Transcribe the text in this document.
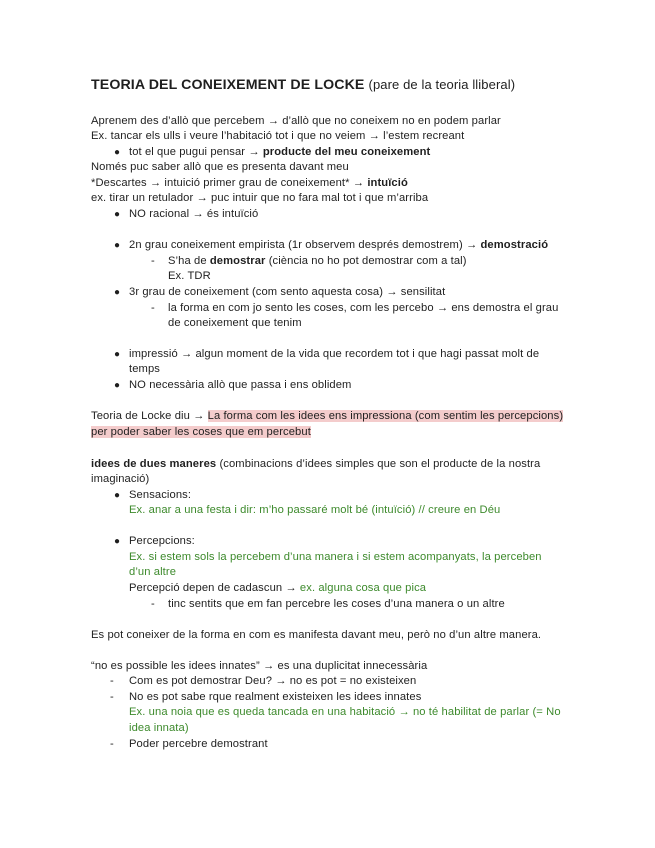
TEORIA DEL CONEIXEMENT DE LOCKE (pare de la teoria lliberal)
Aprenem des d’allò que percebem → d’allò que no coneixem no en podem parlar
Ex. tancar els ulls i veure l’habitació tot i que no veiem → l’estem recreant
● tot el que pugui pensar → producte del meu coneixement
Només puc saber allò que es presenta davant meu
*Descartes → intuició primer grau de coneixement* → intuïció
ex. tirar un retulador → puc intuir que no fara mal tot i que m’arriba
● NO racional → és intuïció
● 2n grau coneixement empirista (1r observem després demostrem) → demostració
- S’ha de demostrar (ciència no ho pot demostrar com a tal)
Ex. TDR
● 3r grau de coneixement (com sento aquesta cosa) → sensilitat
- la forma en com jo sento les coses, com les percebo → ens demostra el grau
de coneixement que tenim
● impressió → algun moment de la vida que recordem tot i que hagi passat molt de
temps
● NO necessària allò que passa i ens oblidem
Teoria de Locke diu → La forma com les idees ens impressiona (com sentim les percepcions)
per poder saber les coses que em percebut
idees de dues maneres (combinacions d’idees simples que son el producte de la nostra
imaginació)
● Sensacions:
Ex. anar a una festa i dir: m’ho passaré molt bé (intuïció) // creure en Déu
● Percepcions:
Ex. si estem sols la percebem d’una manera i si estem acompanyats, la perceben
d’un altre
Percepció depen de cadascun → ex. alguna cosa que pica
- tinc sentits que em fan percebre les coses d’una manera o un altre
Es pot coneixer de la forma en com es manifesta davant meu, però no d’un altre manera.
“no es possible les idees innates” → es una duplicitat innecessària
- Com es pot demostrar Deu? → no es pot = no existeixen
- No es pot sabe rque realment existeixen les idees innates
Ex. una noia que es queda tancada en una habitació → no té habilitat de parlar (= No
idea innata)
- Poder percebre demostrant
